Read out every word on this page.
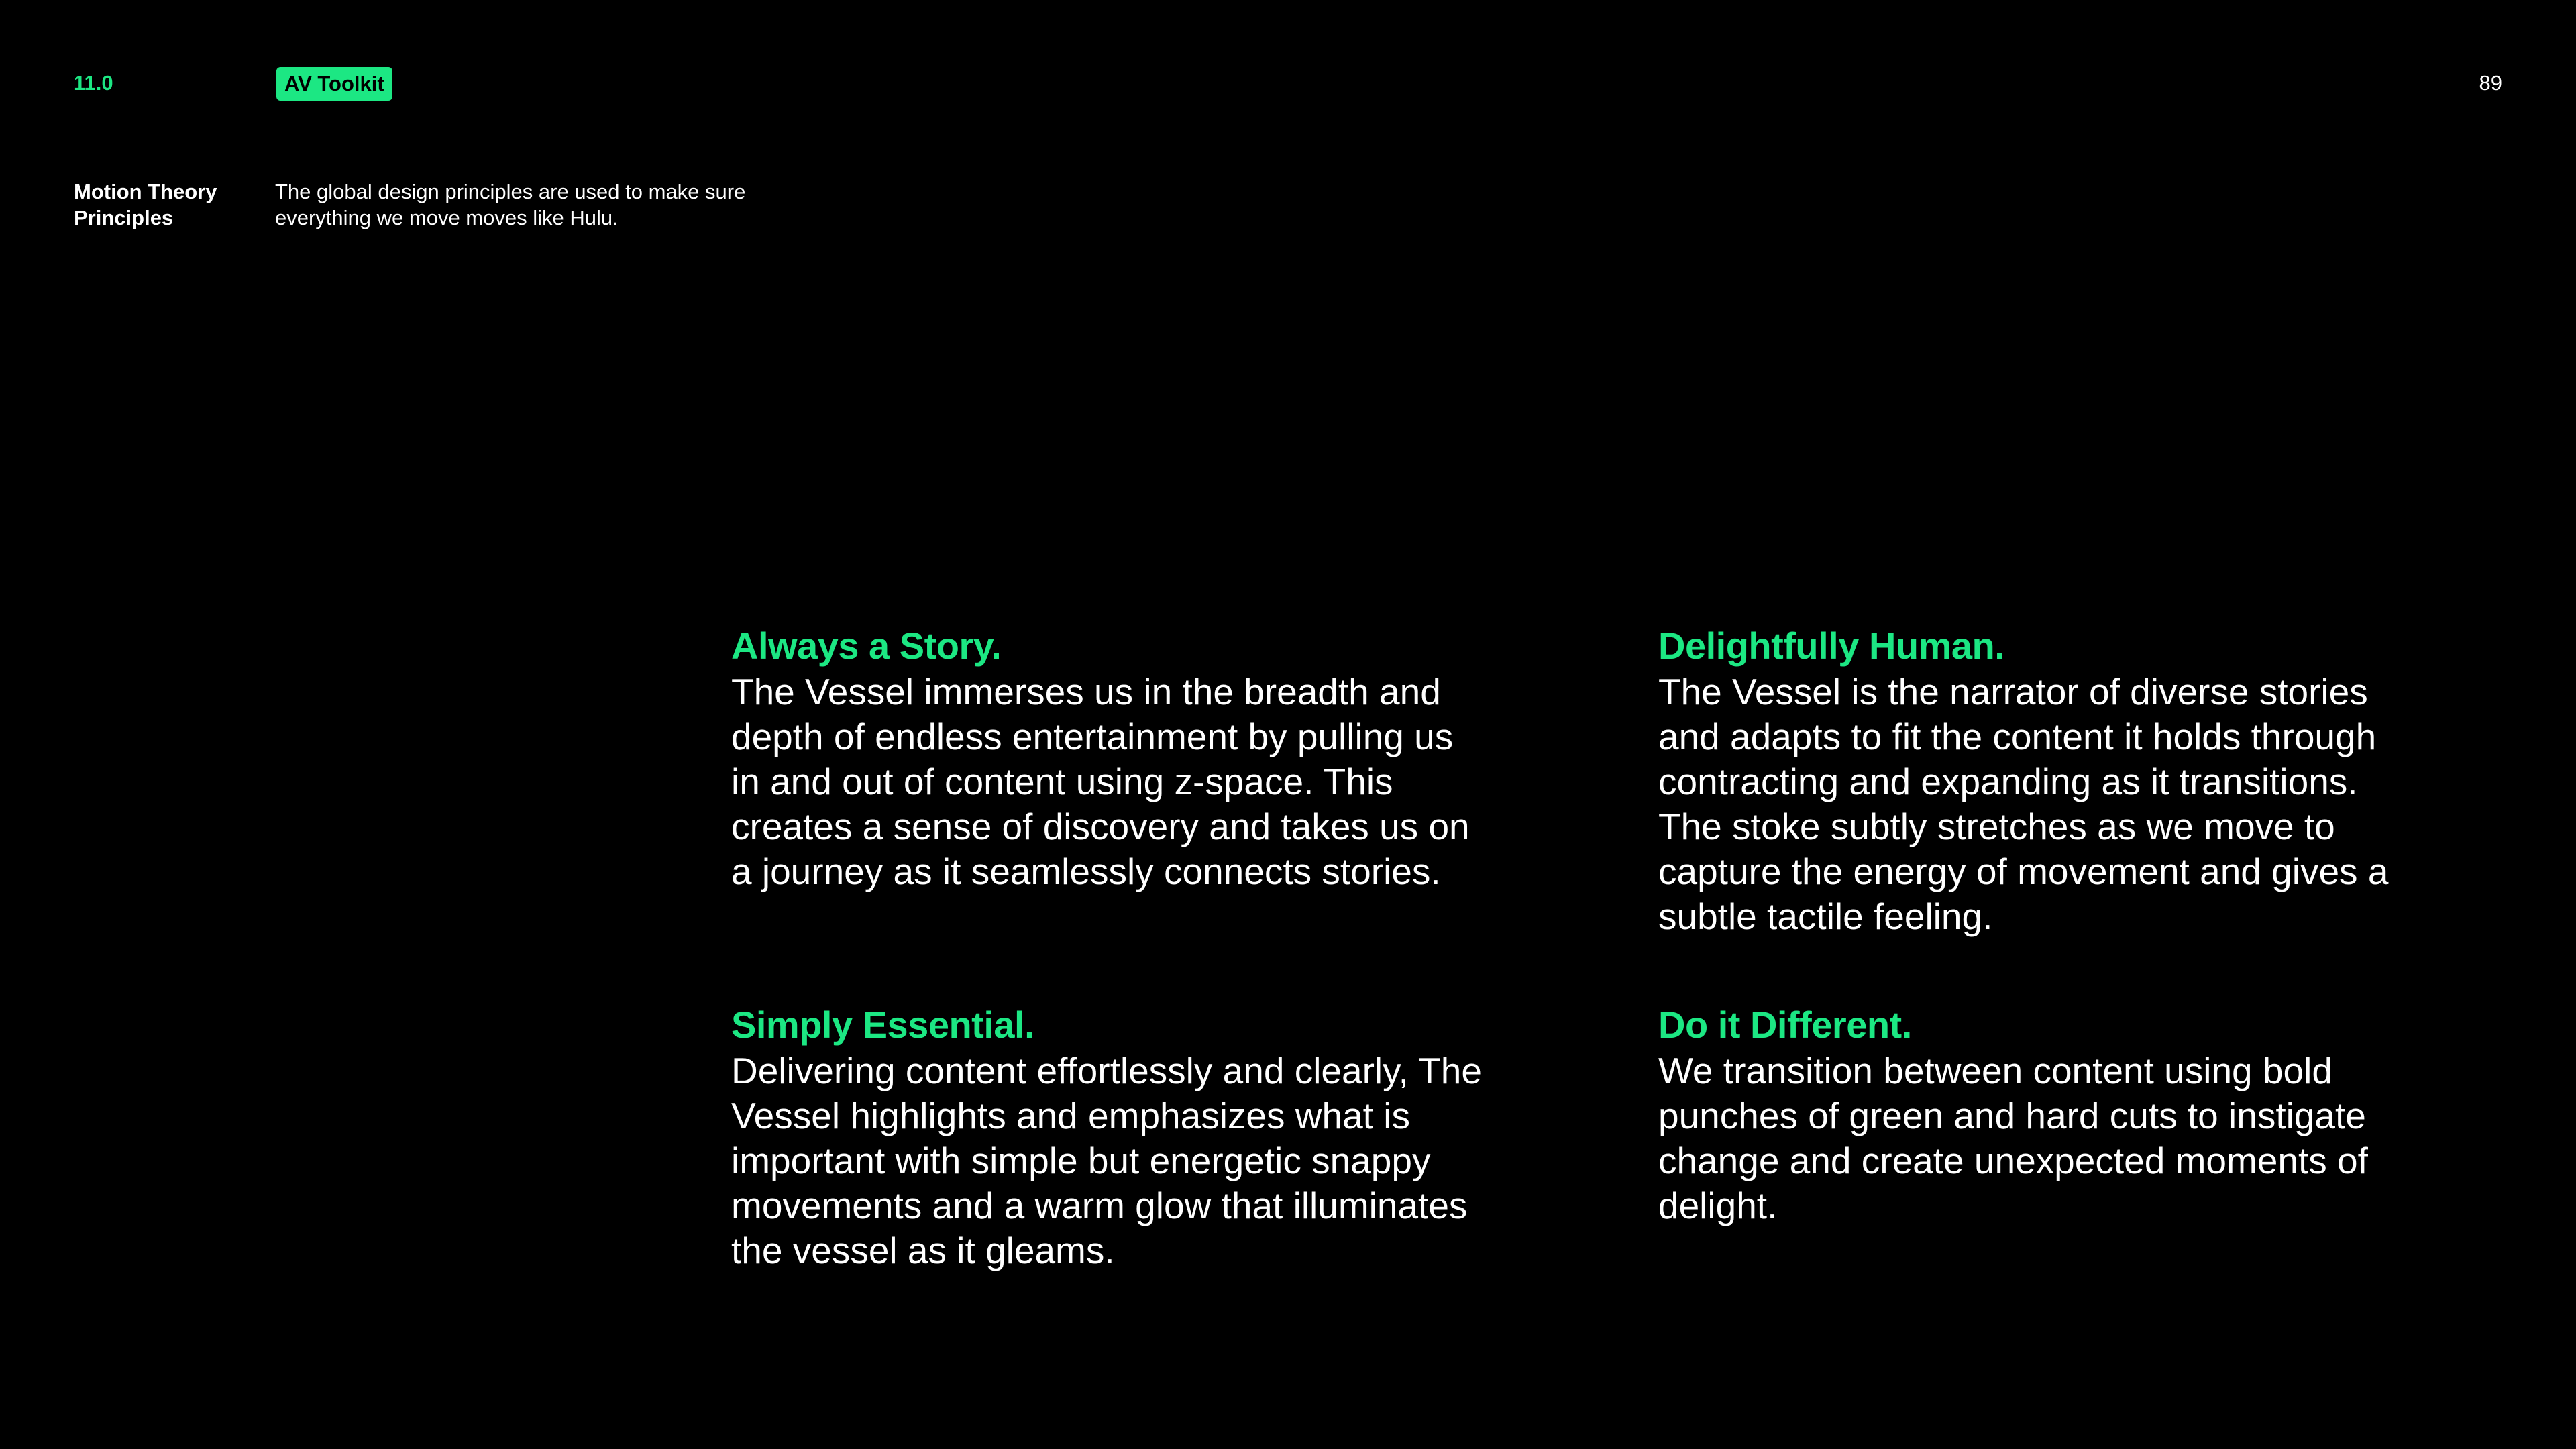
11.0	AV Toolkit	89
Motion Theory Principles
The global design principles are used to make sure everything we move moves like Hulu.
Always a Story.
The Vessel immerses us in the breadth and depth of endless entertainment by pulling us in and out of content using z-space. This creates a sense of discovery and takes us on a journey as it seamlessly connects stories.
Delightfully Human.
The Vessel is the narrator of diverse stories and adapts to fit the content it holds through contracting and expanding as it transitions. The stoke subtly stretches as we move to capture the energy of movement and gives a subtle tactile feeling.
Simply Essential.
Delivering content effortlessly and clearly, The Vessel highlights and emphasizes what is important with simple but energetic snappy movements and a warm glow that illuminates the vessel as it gleams.
Do it Different.
We transition between content using bold punches of green and hard cuts to instigate change and create unexpected moments of delight.
